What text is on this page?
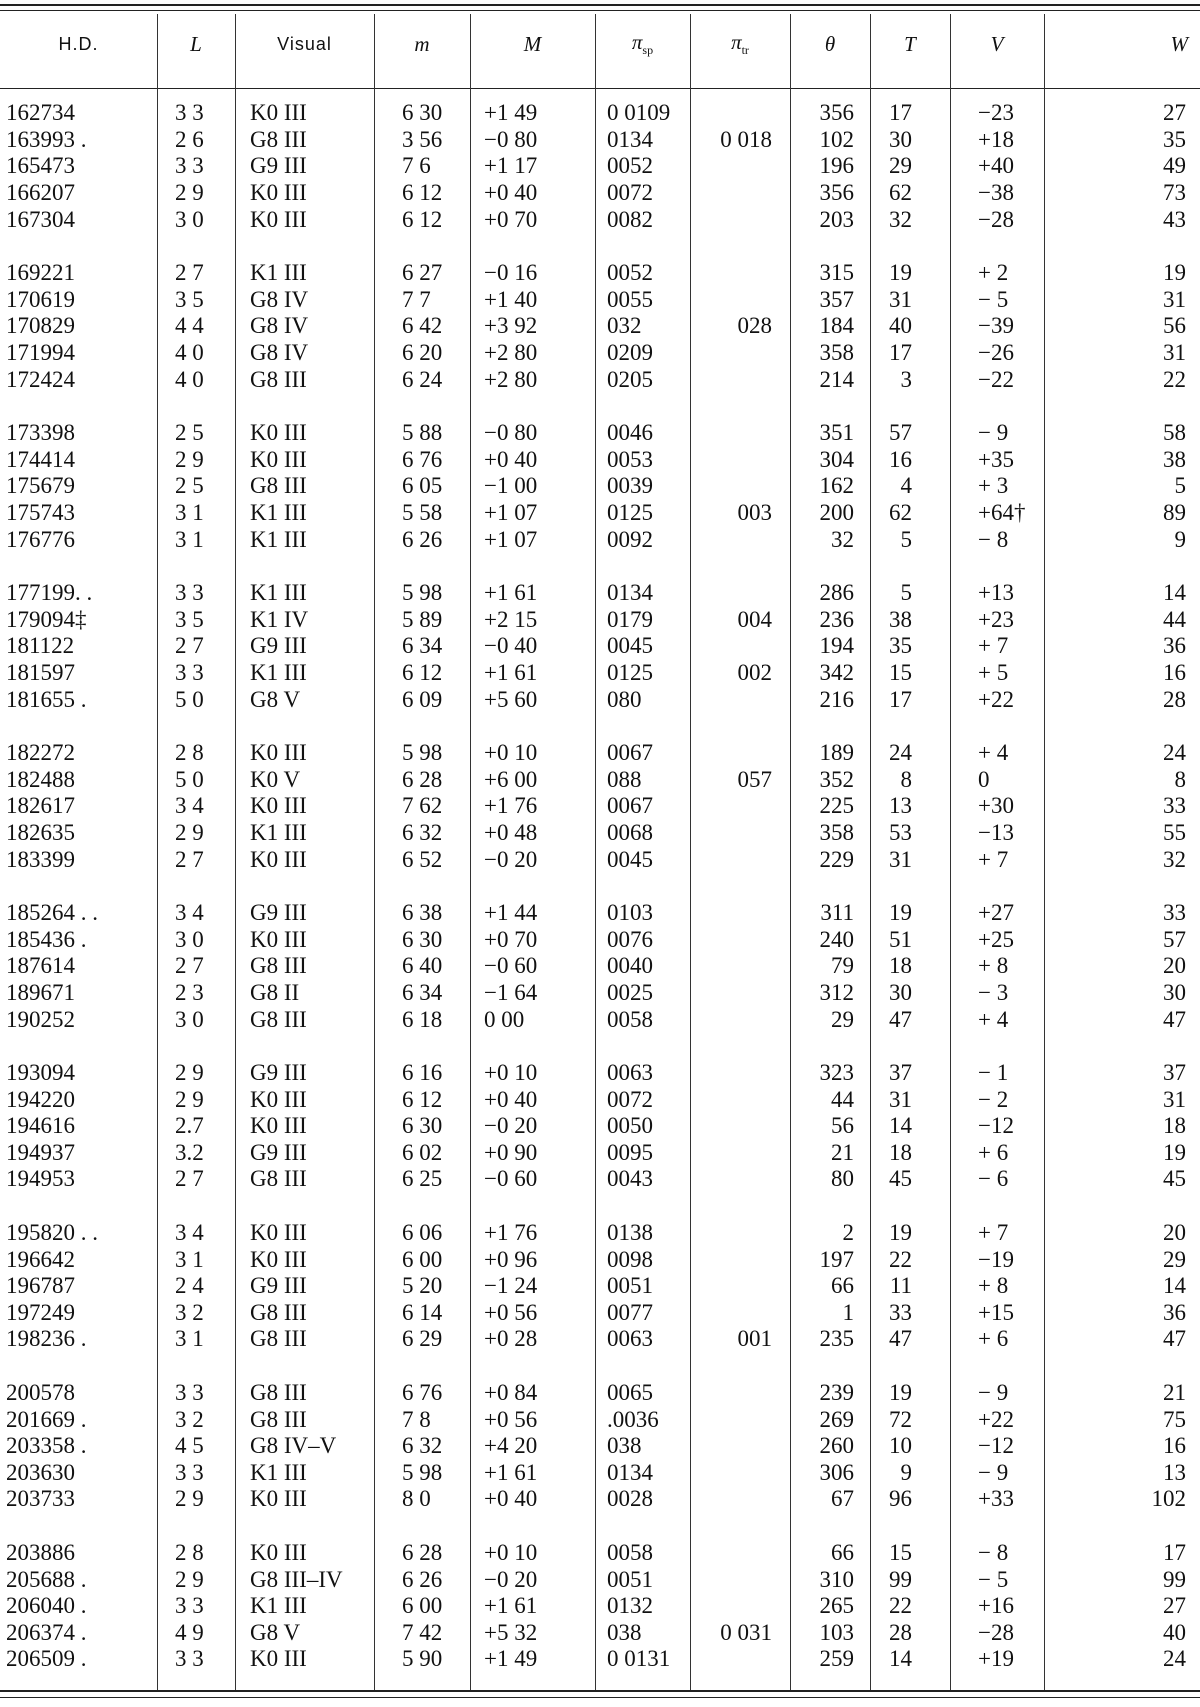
H.D.	L	Visual	m	M	$\pi_{sp}$	$\pi_{tr}$	θ	T	V	W
162734	3 3	K0 III	6 30	+1 49	0 0109		356	17	−23	27
163993 .	2 6	G8 III	3 56	−0 80	0134	0 018	102	30	+18	35
165473	3 3	G9 III	7 6	+1 17	0052		196	29	+40	49
166207	2 9	K0 III	6 12	+0 40	0072		356	62	−38	73
167304	3 0	K0 III	6 12	+0 70	0082		203	32	−28	43
169221	2 7	K1 III	6 27	−0 16	0052		315	19	+ 2	19
170619	3 5	G8 IV	7 7	+1 40	0055		357	31	− 5	31
170829	4 4	G8 IV	6 42	+3 92	032	028	184	40	−39	56
171994	4 0	G8 IV	6 20	+2 80	0209		358	17	−26	31
172424	4 0	G8 III	6 24	+2 80	0205		214	3	−22	22
173398	2 5	K0 III	5 88	−0 80	0046		351	57	− 9	58
174414	2 9	K0 III	6 76	+0 40	0053		304	16	+35	38
175679	2 5	G8 III	6 05	−1 00	0039		162	4	+ 3	5
175743	3 1	K1 III	5 58	+1 07	0125	003	200	62	+64†	89
176776	3 1	K1 III	6 26	+1 07	0092		32	5	− 8	9
177199. .	3 3	K1 III	5 98	+1 61	0134		286	5	+13	14
179094‡	3 5	K1 IV	5 89	+2 15	0179	004	236	38	+23	44
181122	2 7	G9 III	6 34	−0 40	0045		194	35	+ 7	36
181597	3 3	K1 III	6 12	+1 61	0125	002	342	15	+ 5	16
181655 .	5 0	G8 V	6 09	+5 60	080		216	17	+22	28
182272	2 8	K0 III	5 98	+0 10	0067		189	24	+ 4	24
182488	5 0	K0 V	6 28	+6 00	088	057	352	8	0	8
182617	3 4	K0 III	7 62	+1 76	0067		225	13	+30	33
182635	2 9	K1 III	6 32	+0 48	0068		358	53	−13	55
183399	2 7	K0 III	6 52	−0 20	0045		229	31	+ 7	32
185264 . .	3 4	G9 III	6 38	+1 44	0103		311	19	+27	33
185436 .	3 0	K0 III	6 30	+0 70	0076		240	51	+25	57
187614	2 7	G8 III	6 40	−0 60	0040		79	18	+ 8	20
189671	2 3	G8 II	6 34	−1 64	0025		312	30	− 3	30
190252	3 0	G8 III	6 18	0 00	0058		29	47	+ 4	47
193094	2 9	G9 III	6 16	+0 10	0063		323	37	− 1	37
194220	2 9	K0 III	6 12	+0 40	0072		44	31	− 2	31
194616	2.7	K0 III	6 30	−0 20	0050		56	14	−12	18
194937	3.2	G9 III	6 02	+0 90	0095		21	18	+ 6	19
194953	2 7	G8 III	6 25	−0 60	0043		80	45	− 6	45
195820 . .	3 4	K0 III	6 06	+1 76	0138		2	19	+ 7	20
196642	3 1	K0 III	6 00	+0 96	0098		197	22	−19	29
196787	2 4	G9 III	5 20	−1 24	0051		66	11	+ 8	14
197249	3 2	G8 III	6 14	+0 56	0077		1	33	+15	36
198236 .	3 1	G8 III	6 29	+0 28	0063	001	235	47	+ 6	47
200578	3 3	G8 III	6 76	+0 84	0065		239	19	− 9	21
201669 .	3 2	G8 III	7 8	+0 56	.0036		269	72	+22	75
203358 .	4 5	G8 IV–V	6 32	+4 20	038		260	10	−12	16
203630	3 3	K1 III	5 98	+1 61	0134		306	9	− 9	13
203733	2 9	K0 III	8 0	+0 40	0028		67	96	+33	102
203886	2 8	K0 III	6 28	+0 10	0058		66	15	− 8	17
205688 .	2 9	G8 III–IV	6 26	−0 20	0051		310	99	− 5	99
206040 .	3 3	K1 III	6 00	+1 61	0132		265	22	+16	27
206374 .	4 9	G8 V	7 42	+5 32	038	0 031	103	28	−28	40
206509 .	3 3	K0 III	5 90	+1 49	0 0131		259	14	+19	24
